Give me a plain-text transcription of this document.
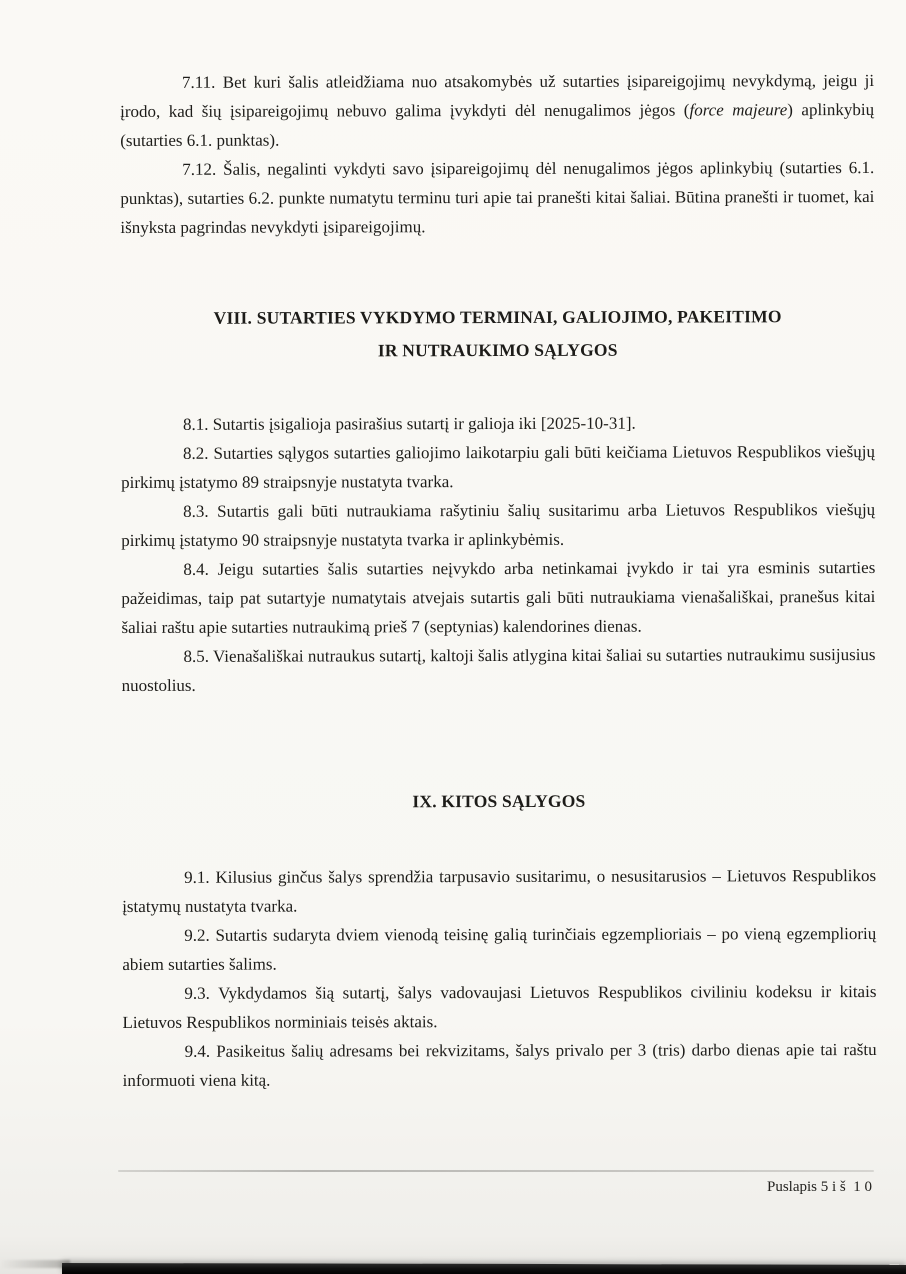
7.11. Bet kuri šalis atleidžiama nuo atsakomybės už sutarties įsipareigojimų nevykdymą, jeigu ji įrodo, kad šių įsipareigojimų nebuvo galima įvykdyti dėl nenugalimos jėgos (force majeure) aplinkybių (sutarties 6.1. punktas).

7.12. Šalis, negalinti vykdyti savo įsipareigojimų dėl nenugalimos jėgos aplinkybių (sutarties 6.1. punktas), sutarties 6.2. punkte numatytu terminu turi apie tai pranešti kitai šaliai. Būtina pranešti ir tuomet, kai išnyksta pagrindas nevykdyti įsipareigojimų.

VIII. SUTARTIES VYKDYMO TERMINAI, GALIOJIMO, PAKEITIMO
IR NUTRAUKIMO SĄLYGOS

8.1. Sutartis įsigalioja pasirašius sutartį ir galioja iki [2025-10-31].

8.2. Sutarties sąlygos sutarties galiojimo laikotarpiu gali būti keičiama Lietuvos Respublikos viešųjų pirkimų įstatymo 89 straipsnyje nustatyta tvarka.

8.3. Sutartis gali būti nutraukiama rašytiniu šalių susitarimu arba Lietuvos Respublikos viešųjų pirkimų įstatymo 90 straipsnyje nustatyta tvarka ir aplinkybėmis.

8.4. Jeigu sutarties šalis sutarties neįvykdo arba netinkamai įvykdo ir tai yra esminis sutarties pažeidimas, taip pat sutartyje numatytais atvejais sutartis gali būti nutraukiama vienašališkai, pranešus kitai šaliai raštu apie sutarties nutraukimą prieš 7 (septynias) kalendorines dienas.

8.5. Vienašališkai nutraukus sutartį, kaltoji šalis atlygina kitai šaliai su sutarties nutraukimu susijusius nuostolius.

IX. KITOS SĄLYGOS

9.1. Kilusius ginčus šalys sprendžia tarpusavio susitarimu, o nesusitarusios – Lietuvos Respublikos įstatymų nustatyta tvarka.

9.2. Sutartis sudaryta dviem vienodą teisinę galią turinčiais egzemplioriais – po vieną egzempliorių abiem sutarties šalims.

9.3. Vykdydamos šią sutartį, šalys vadovaujasi Lietuvos Respublikos civiliniu kodeksu ir kitais Lietuvos Respublikos norminiais teisės aktais.

9.4. Pasikeitus šalių adresams bei rekvizitams, šalys privalo per 3 (tris) darbo dienas apie tai raštu informuoti viena kitą.

Puslapis 5 i š  1 0
